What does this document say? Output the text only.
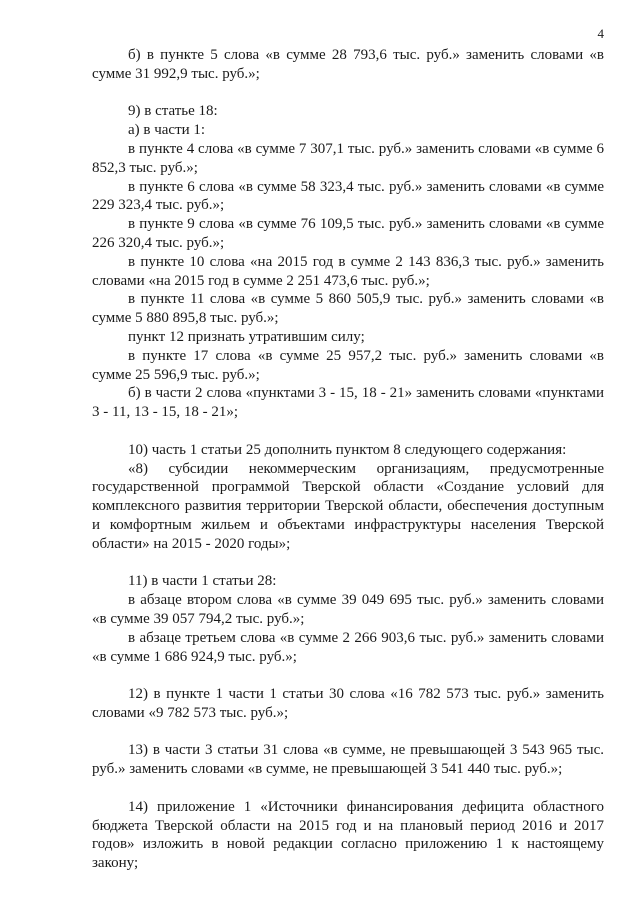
4

б) в пункте 5 слова «в сумме 28 793,6 тыс. руб.» заменить словами «в сумме 31 992,9 тыс. руб.»;

9) в статье 18:

а) в части 1:

в пункте 4 слова «в сумме 7 307,1 тыс. руб.» заменить словами «в сумме 6 852,3 тыс. руб.»;

в пункте 6 слова «в сумме 58 323,4 тыс. руб.» заменить словами «в сумме 229 323,4 тыс. руб.»;

в пункте 9 слова «в сумме 76 109,5 тыс. руб.» заменить словами «в сумме 226 320,4 тыс. руб.»;

в пункте 10 слова «на 2015 год в сумме 2 143 836,3 тыс. руб.» заменить словами «на 2015 год в сумме 2 251 473,6 тыс. руб.»;

в пункте 11 слова «в сумме 5 860 505,9 тыс. руб.» заменить словами «в сумме 5 880 895,8 тыс. руб.»;

пункт 12 признать утратившим силу;

в пункте 17 слова «в сумме 25 957,2 тыс. руб.» заменить словами «в сумме 25 596,9 тыс. руб.»;

б) в части 2 слова «пунктами 3 - 15, 18 - 21» заменить словами «пунктами 3 - 11, 13 - 15, 18 - 21»;

10) часть 1 статьи 25 дополнить пунктом 8 следующего содержания:

«8) субсидии некоммерческим организациям, предусмотренные государственной программой Тверской области «Создание условий для комплексного развития территории Тверской области, обеспечения доступным и комфортным жильем и объектами инфраструктуры населения Тверской области» на 2015 - 2020 годы»;

11) в части 1 статьи 28:

в абзаце втором слова «в сумме 39 049 695 тыс. руб.» заменить словами «в сумме 39 057 794,2 тыс. руб.»;

в абзаце третьем слова «в сумме 2 266 903,6 тыс. руб.» заменить словами «в сумме 1 686 924,9 тыс. руб.»;

12) в пункте 1 части 1 статьи 30 слова «16 782 573 тыс. руб.» заменить словами «9 782 573 тыс. руб.»;

13) в части 3 статьи 31 слова «в сумме, не превышающей 3 543 965 тыс. руб.» заменить словами «в сумме, не превышающей 3 541 440 тыс. руб.»;

14) приложение 1 «Источники финансирования дефицита областного бюджета Тверской области на 2015 год и на плановый период 2016 и 2017 годов» изложить в новой редакции согласно приложению 1 к настоящему закону;
